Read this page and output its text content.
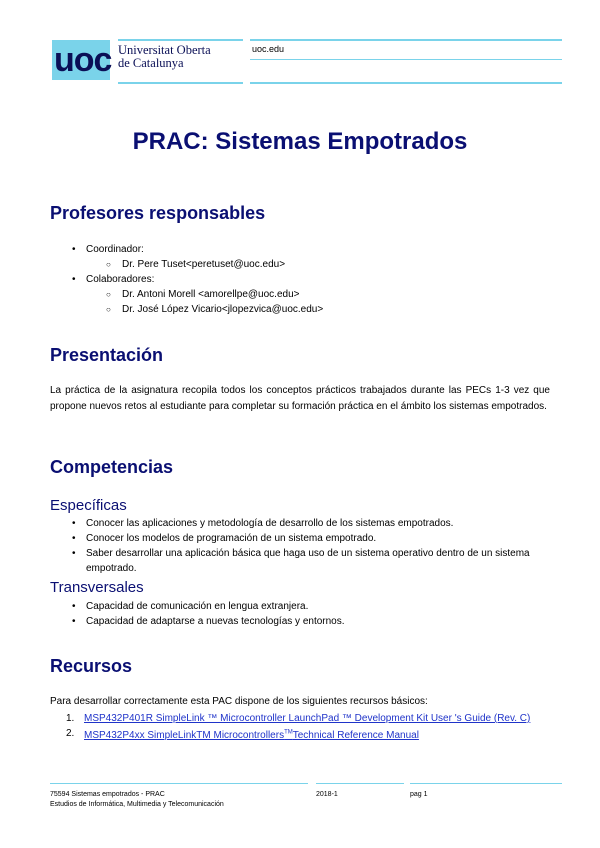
uoc Universitat Oberta
de Catalunya
uoc.edu
PRAC: Sistemas Empotrados
Profesores responsables
• Coordinador:
○ Dr. Pere Tuset<peretuset@uoc.edu>
• Colaboradores:
○ Dr. Antoni Morell <amorellpe@uoc.edu>
○ Dr. José López Vicario<jlopezvica@uoc.edu>
Presentación
La práctica de la asignatura recopila todos los conceptos prácticos trabajados durante las PECs 1-3 vez que propone nuevos retos al estudiante para completar su formación práctica en el ámbito los sistemas empotrados.
Competencias
Específicas
• Conocer las aplicaciones y metodología de desarrollo de los sistemas empotrados.
• Conocer los modelos de programación de un sistema empotrado.
• Saber desarrollar una aplicación básica que haga uso de un sistema operativo dentro de un sistema empotrado.
Transversales
• Capacidad de comunicación en lengua extranjera.
• Capacidad de adaptarse a nuevas tecnologías y entornos.
Recursos
Para desarrollar correctamente esta PAC dispone de los siguientes recursos básicos:
1. MSP432P401R SimpleLink ™ Microcontroller LaunchPad ™ Development Kit User 's Guide (Rev. C)
2. MSP432P4xx SimpleLinkTM Microcontrollers™Technical Reference Manual
75594 Sistemas empotrados - PRAC
Estudios de Informática, Multimedia y Telecomunicación
2018-1	pag 1
